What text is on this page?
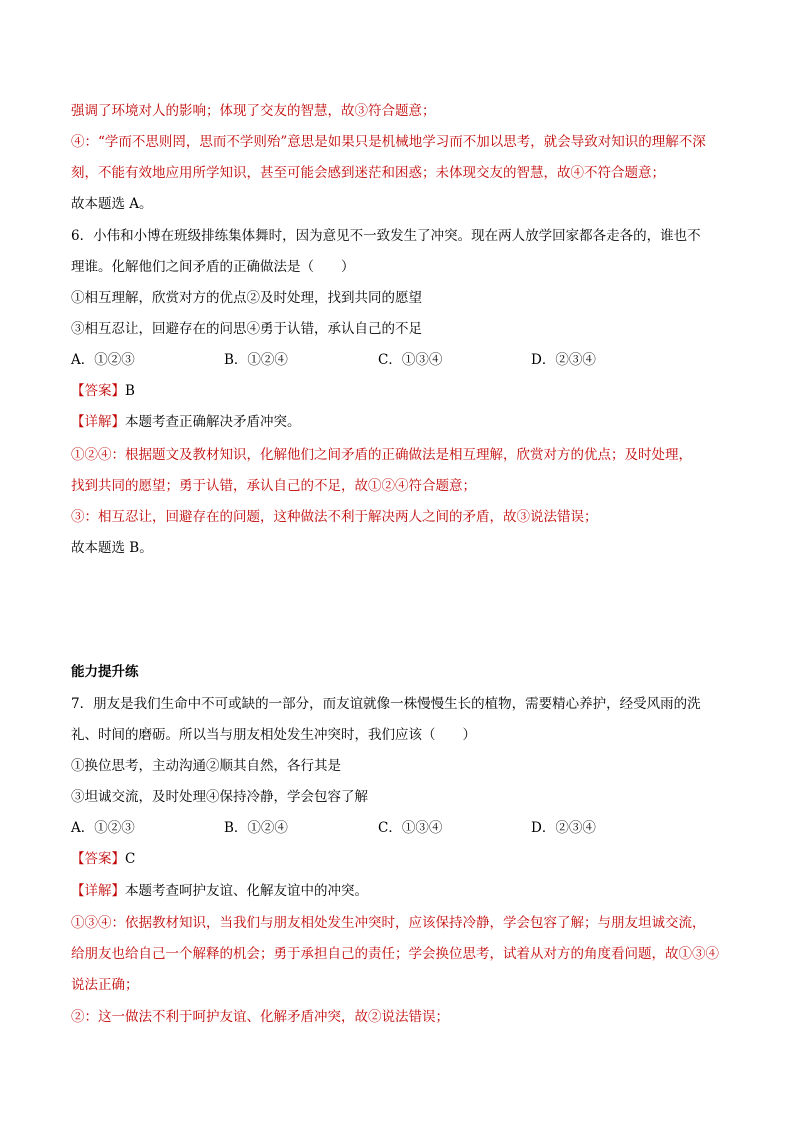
强调了环境对人的影响；体现了交友的智慧，故③符合题意；
④：“学而不思则罔，思而不学则殆”意思是如果只是机械地学习而不加以思考，就会导致对知识的理解不深
刻，不能有效地应用所学知识，甚至可能会感到迷茫和困惑；未体现交友的智慧，故④不符合题意；
故本题选 A。
6．小伟和小博在班级排练集体舞时，因为意见不一致发生了冲突。现在两人放学回家都各走各的，谁也不
理谁。化解他们之间矛盾的正确做法是（　　）
①相互理解，欣赏对方的优点②及时处理，找到共同的愿望
③相互忍让，回避存在的问思④勇于认错，承认自己的不足
A．①②③	B．①②④	C．①③④	D．②③④
【答案】B
【详解】本题考查正确解决矛盾冲突。
①②④：根据题文及教材知识，化解他们之间矛盾的正确做法是相互理解，欣赏对方的优点；及时处理，
找到共同的愿望；勇于认错，承认自己的不足，故①②④符合题意；
③：相互忍让，回避存在的问题，这种做法不利于解决两人之间的矛盾，故③说法错误；
故本题选 B。
能力提升练
7．朋友是我们生命中不可或缺的一部分，而友谊就像一株慢慢生长的植物，需要精心养护，经受风雨的洗
礼、时间的磨砺。所以当与朋友相处发生冲突时，我们应该（　　）
①换位思考，主动沟通②顺其自然，各行其是
③坦诚交流，及时处理④保持冷静，学会包容了解
A．①②③	B．①②④	C．①③④	D．②③④
【答案】C
【详解】本题考查呵护友谊、化解友谊中的冲突。
①③④：依据教材知识，当我们与朋友相处发生冲突时，应该保持冷静，学会包容了解；与朋友坦诚交流，
给朋友也给自己一个解释的机会；勇于承担自己的责任；学会换位思考，试着从对方的角度看问题，故①③④
说法正确；
②：这一做法不利于呵护友谊、化解矛盾冲突，故②说法错误；
